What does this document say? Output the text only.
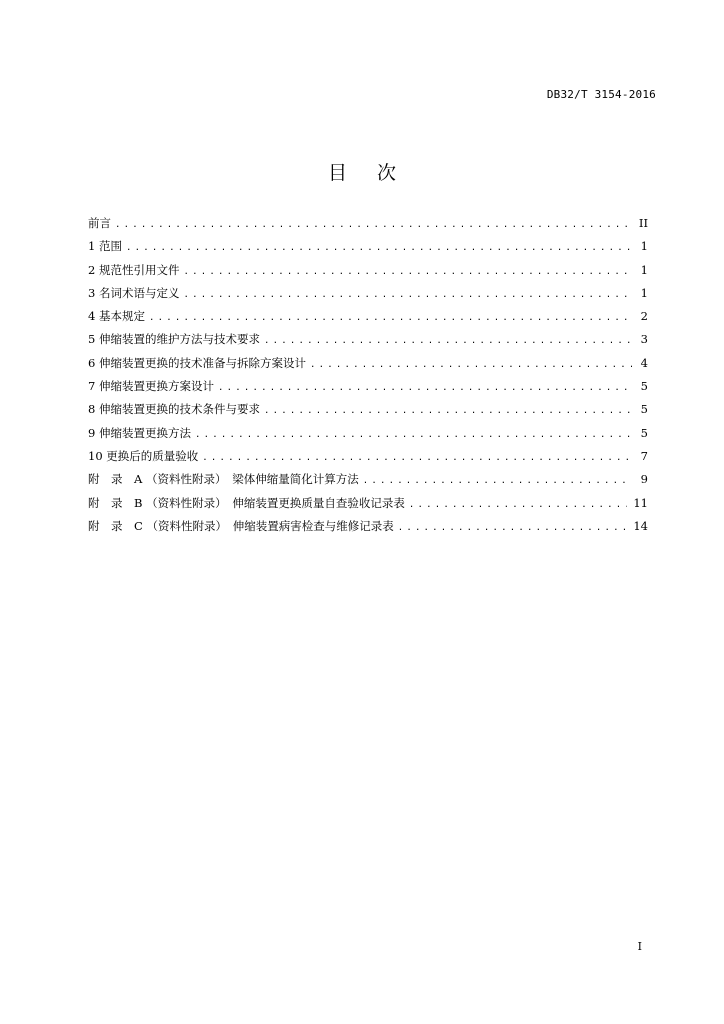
DB32/T 3154-2016
目 次
前言 .....	II
1 范围 .....	1
2 规范性引用文件 .....	1
3 名词术语与定义 .....	1
4 基本规定 .....	2
5 伸缩装置的维护方法与技术要求 .....	3
6 伸缩装置更换的技术准备与拆除方案设计 .....	4
7 伸缩装置更换方案设计 .....	5
8 伸缩装置更换的技术条件与要求 .....	5
9 伸缩装置更换方法 .....	5
10 更换后的质量验收 .....	7
附　录　A （资料性附录）　梁体伸缩量简化计算方法 .....	9
附　录　B （资料性附录）　伸缩装置更换质量自查验收记录表 .....	11
附　录　C （资料性附录）　伸缩装置病害检查与维修记录表 .....	14
I
